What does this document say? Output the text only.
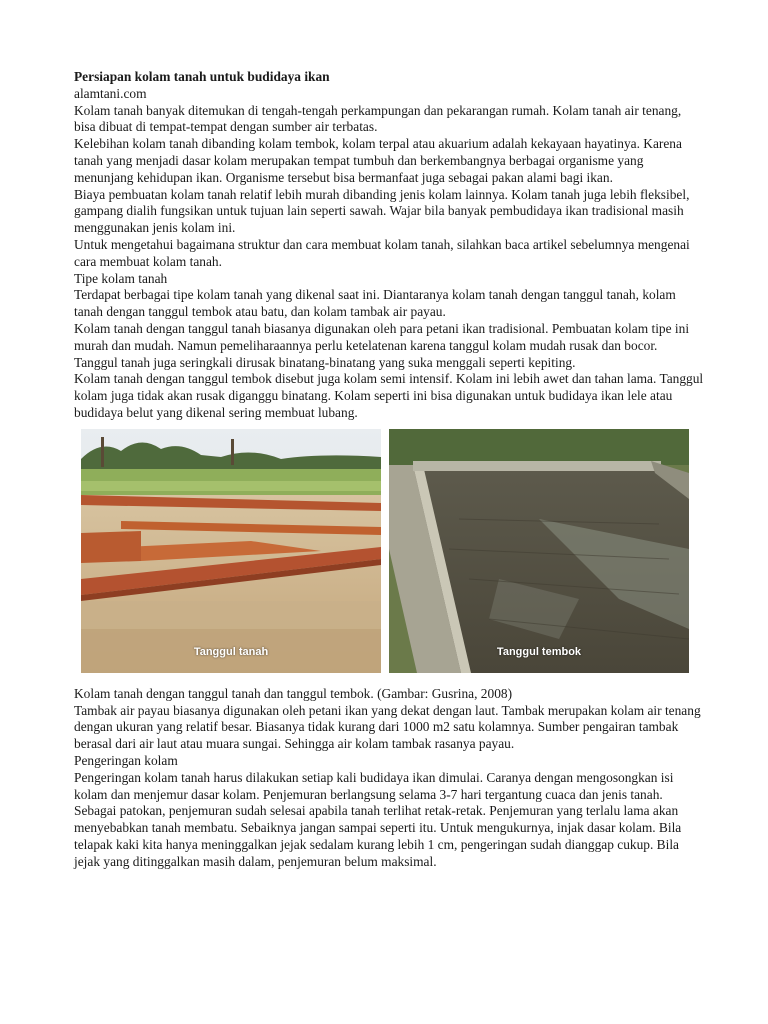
Persiapan kolam tanah untuk budidaya ikan

alamtani.com

Kolam tanah banyak ditemukan di tengah-tengah perkampungan dan pekarangan rumah. Kolam tanah air tenang, bisa dibuat di tempat-tempat dengan sumber air terbatas.

Kelebihan kolam tanah dibanding kolam tembok, kolam terpal atau akuarium adalah kekayaan hayatinya. Karena tanah yang menjadi dasar kolam merupakan tempat tumbuh dan berkembangnya berbagai organisme yang menunjang kehidupan ikan. Organisme tersebut bisa bermanfaat juga sebagai pakan alami bagi ikan.

Biaya pembuatan kolam tanah relatif lebih murah dibanding jenis kolam lainnya. Kolam tanah juga lebih fleksibel, gampang dialih fungsikan untuk tujuan lain seperti sawah. Wajar bila banyak pembudidaya ikan tradisional masih menggunakan jenis kolam ini.

Untuk mengetahui bagaimana struktur dan cara membuat kolam tanah, silahkan baca artikel sebelumnya mengenai cara membuat kolam tanah.

Tipe kolam tanah

Terdapat berbagai tipe kolam tanah yang dikenal saat ini. Diantaranya kolam tanah dengan tanggul tanah, kolam tanah dengan tanggul tembok atau batu, dan kolam tambak air payau.

Kolam tanah dengan tanggul tanah biasanya digunakan oleh para petani ikan tradisional. Pembuatan kolam tipe ini murah dan mudah. Namun pemeliharaannya perlu ketelatenan karena tanggul kolam mudah rusak dan bocor. Tanggul tanah juga seringkali dirusak binatang-binatang yang suka menggali seperti kepiting.

Kolam tanah dengan tanggul tembok disebut juga kolam semi intensif. Kolam ini lebih awet dan tahan lama. Tanggul kolam juga tidak akan rusak diganggu binatang. Kolam seperti ini bisa digunakan untuk budidaya ikan lele atau budidaya belut yang dikenal sering membuat lubang.

Tanggul tanah	Tanggul tembok

Kolam tanah dengan tanggul tanah dan tanggul tembok. (Gambar: Gusrina, 2008)

Tambak air payau biasanya digunakan oleh petani ikan yang dekat dengan laut. Tambak merupakan kolam air tenang dengan ukuran yang relatif besar. Biasanya tidak kurang dari 1000 m2 satu kolamnya. Sumber pengairan tambak berasal dari air laut atau muara sungai. Sehingga air kolam tambak rasanya payau.

Pengeringan kolam

Pengeringan kolam tanah harus dilakukan setiap kali budidaya ikan dimulai. Caranya dengan mengosongkan isi kolam dan menjemur dasar kolam. Penjemuran berlangsung selama 3-7 hari tergantung cuaca dan jenis tanah.

Sebagai patokan, penjemuran sudah selesai apabila tanah terlihat retak-retak. Penjemuran yang terlalu lama akan menyebabkan tanah membatu. Sebaiknya jangan sampai seperti itu. Untuk mengukurnya, injak dasar kolam. Bila telapak kaki kita hanya meninggalkan jejak sedalam kurang lebih 1 cm, pengeringan sudah dianggap cukup. Bila jejak yang ditinggalkan masih dalam, penjemuran belum maksimal.
